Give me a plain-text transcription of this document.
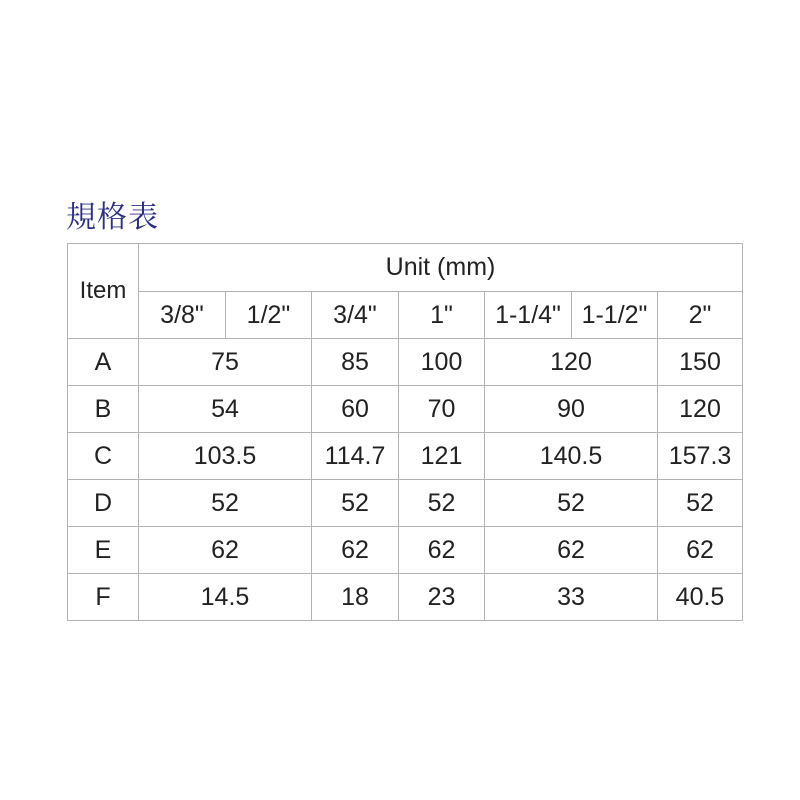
規格表
Item	Unit (mm)						
	3/8"	1/2"	3/4"	1"	1-1/4"	1-1/2"	2"
A	75		85	100	120		150
B	54		60	70	90		120
C	103.5		114.7	121	140.5		157.3
D	52		52	52	52		52
E	62		62	62	62		62
F	14.5		18	23	33		40.5
